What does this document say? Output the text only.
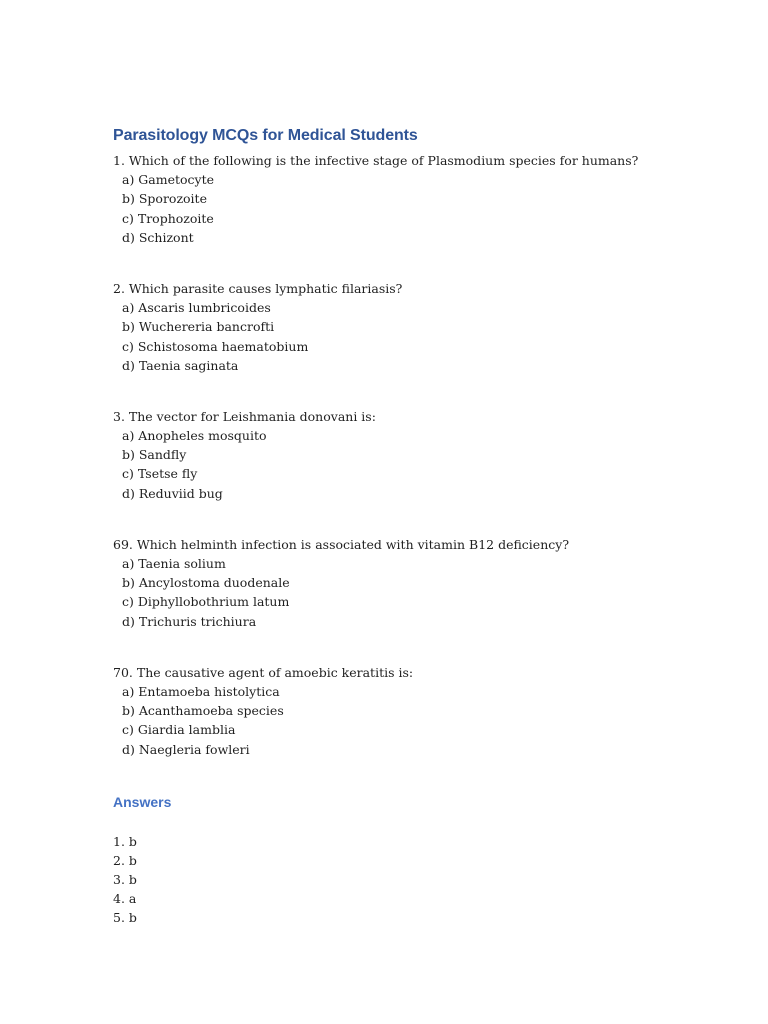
Parasitology MCQs for Medical Students
1. Which of the following is the infective stage of Plasmodium species for humans?
a) Gametocyte
b) Sporozoite
c) Trophozoite
d) Schizont
2. Which parasite causes lymphatic filariasis?
a) Ascaris lumbricoides
b) Wuchereria bancrofti
c) Schistosoma haematobium
d) Taenia saginata
3. The vector for Leishmania donovani is:
a) Anopheles mosquito
b) Sandfly
c) Tsetse fly
d) Reduviid bug
69. Which helminth infection is associated with vitamin B12 deficiency?
a) Taenia solium
b) Ancylostoma duodenale
c) Diphyllobothrium latum
d) Trichuris trichiura
70. The causative agent of amoebic keratitis is:
a) Entamoeba histolytica
b) Acanthamoeba species
c) Giardia lamblia
d) Naegleria fowleri
Answers
1. b
2. b
3. b
4. a
5. b
